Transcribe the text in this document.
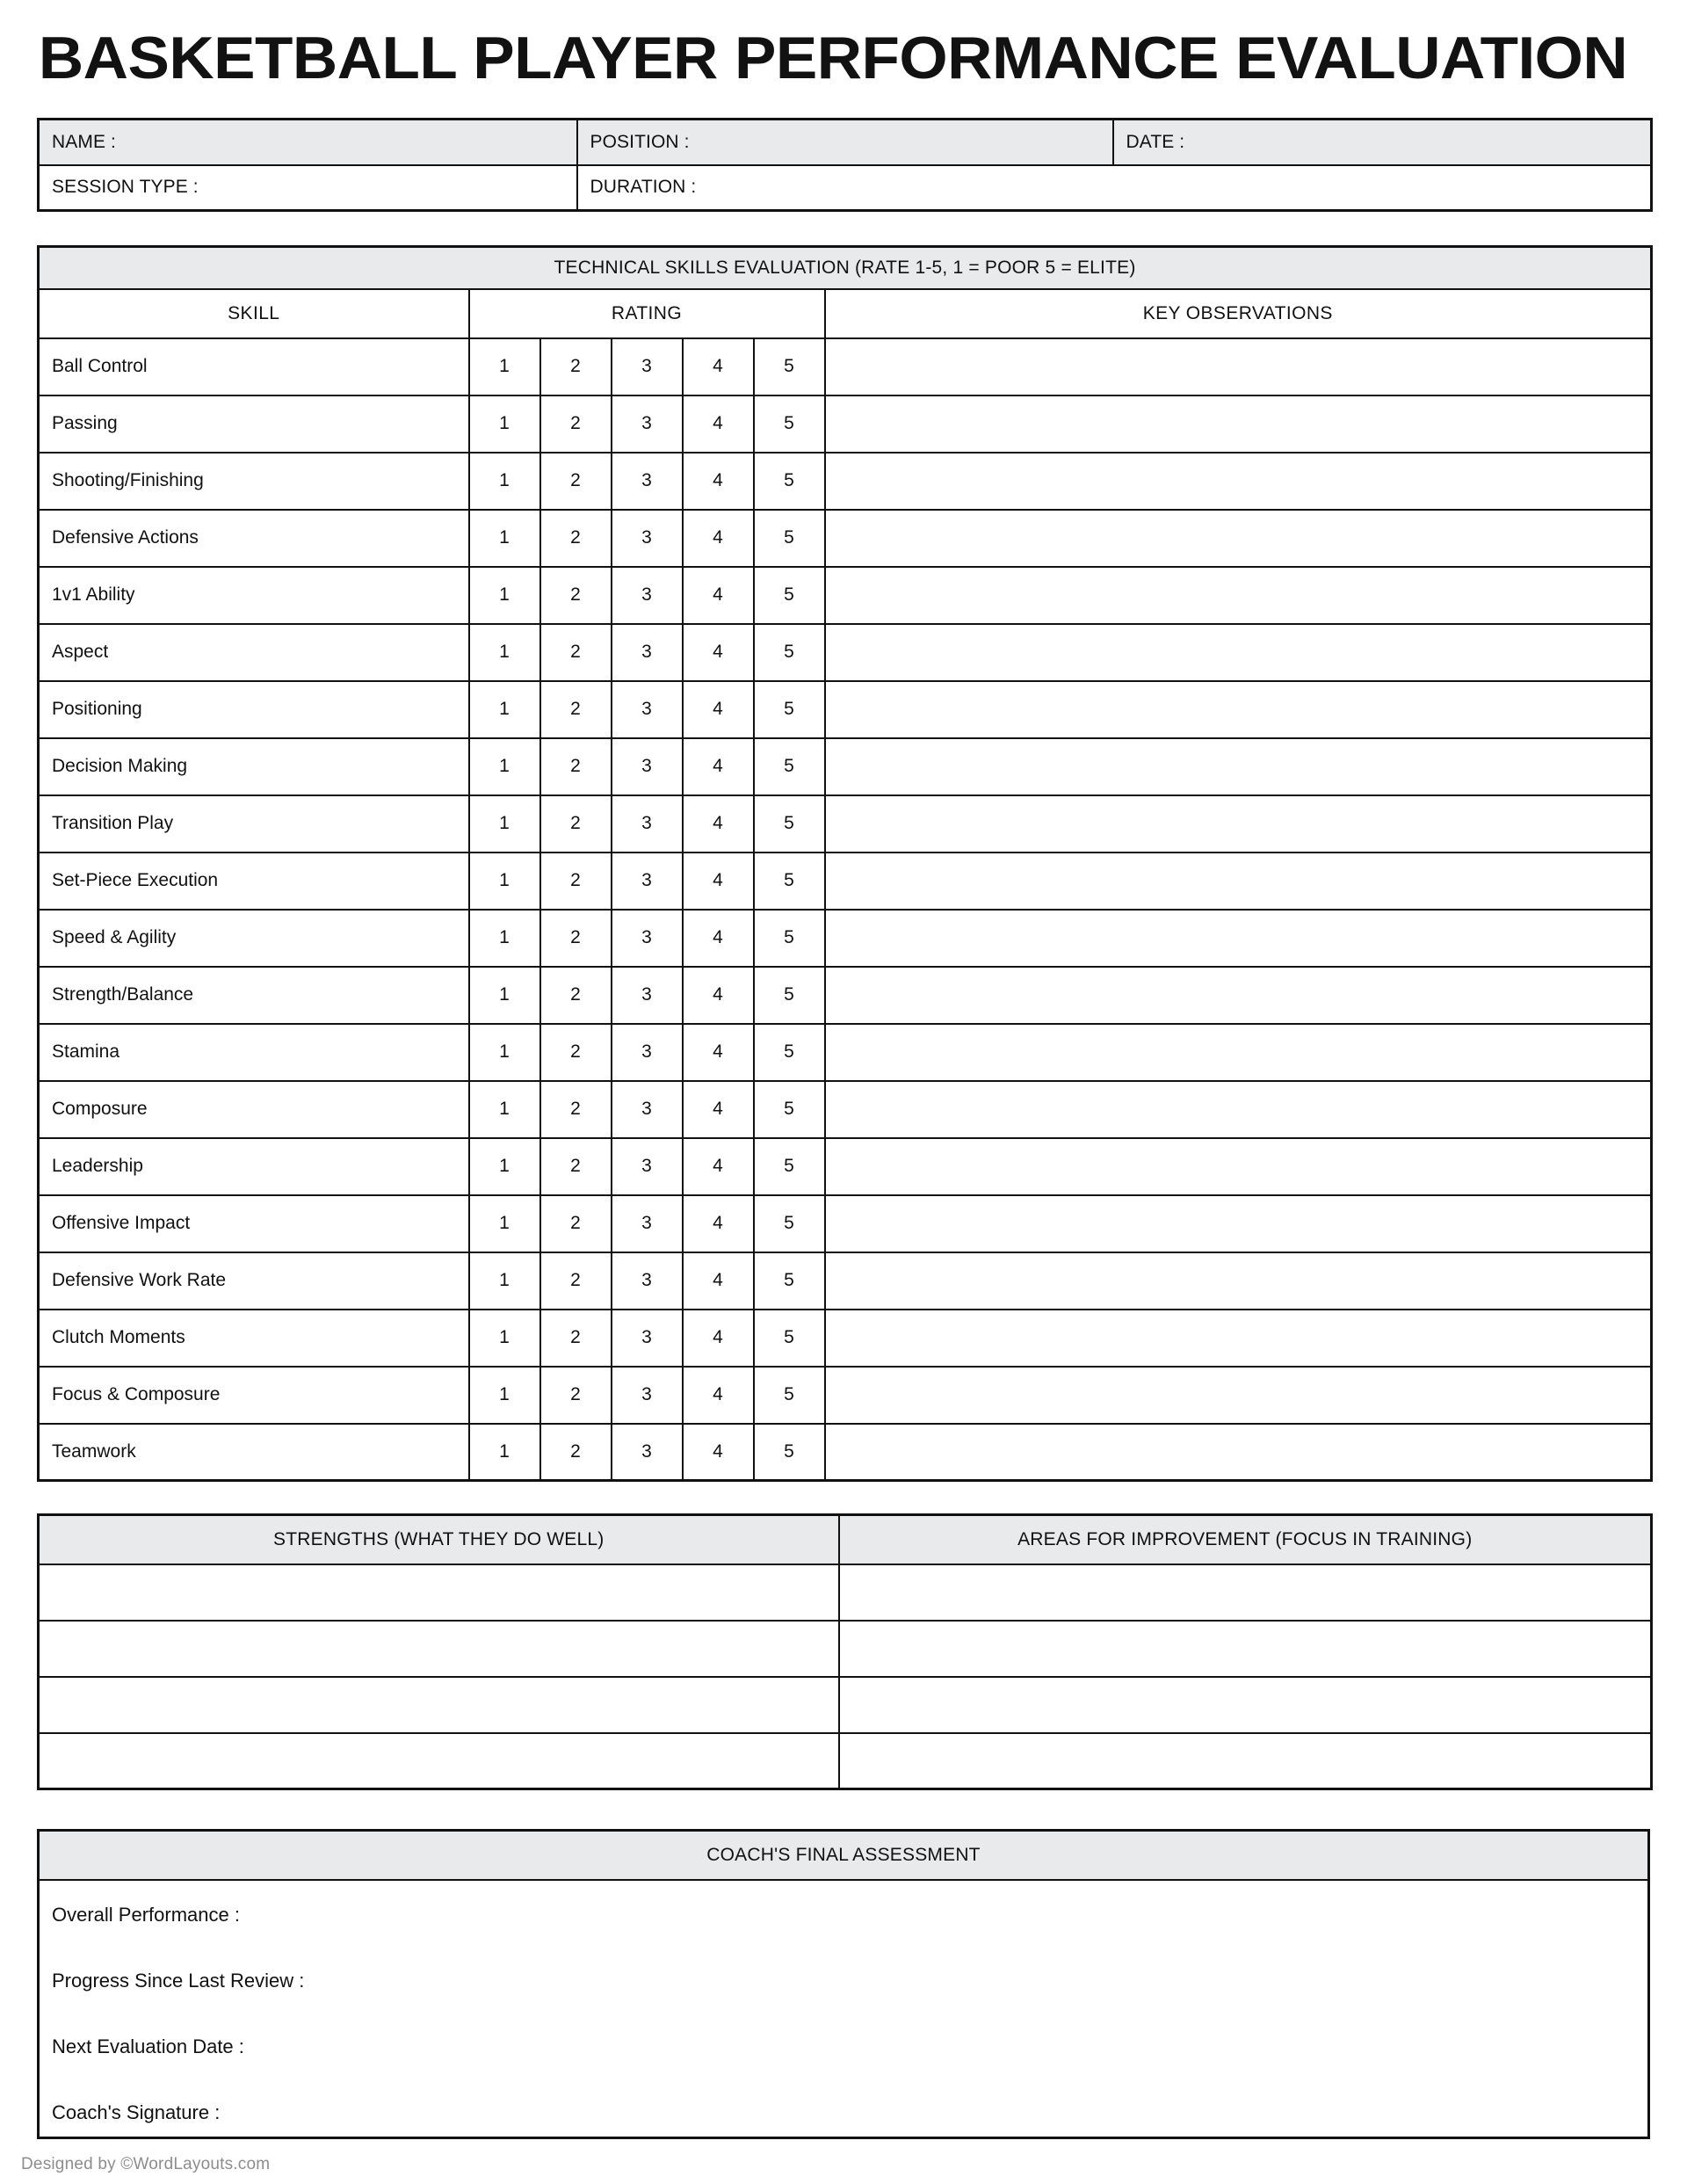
BASKETBALL PLAYER PERFORMANCE EVALUATION
NAME :	POSITION :	DATE :
SESSION TYPE :	DURATION :	
TECHNICAL SKILLS EVALUATION (RATE 1-5, 1 = POOR 5 = ELITE)						
SKILL	RATING					KEY OBSERVATIONS
Ball Control	1	2	3	4	5	
Passing	1	2	3	4	5	
Shooting/Finishing	1	2	3	4	5	
Defensive Actions	1	2	3	4	5	
1v1 Ability	1	2	3	4	5	
Aspect	1	2	3	4	5	
Positioning	1	2	3	4	5	
Decision Making	1	2	3	4	5	
Transition Play	1	2	3	4	5	
Set-Piece Execution	1	2	3	4	5	
Speed & Agility	1	2	3	4	5	
Strength/Balance	1	2	3	4	5	
Stamina	1	2	3	4	5	
Composure	1	2	3	4	5	
Leadership	1	2	3	4	5	
Offensive Impact	1	2	3	4	5	
Defensive Work Rate	1	2	3	4	5	
Clutch Moments	1	2	3	4	5	
Focus & Composure	1	2	3	4	5	
Teamwork	1	2	3	4	5	
STRENGTHS (WHAT THEY DO WELL)	AREAS FOR IMPROVEMENT (FOCUS IN TRAINING)

COACH'S FINAL ASSESSMENT

Overall Performance :
Progress Since Last Review :
Next Evaluation Date :
Coach's Signature :
Designed by ©WordLayouts.com
